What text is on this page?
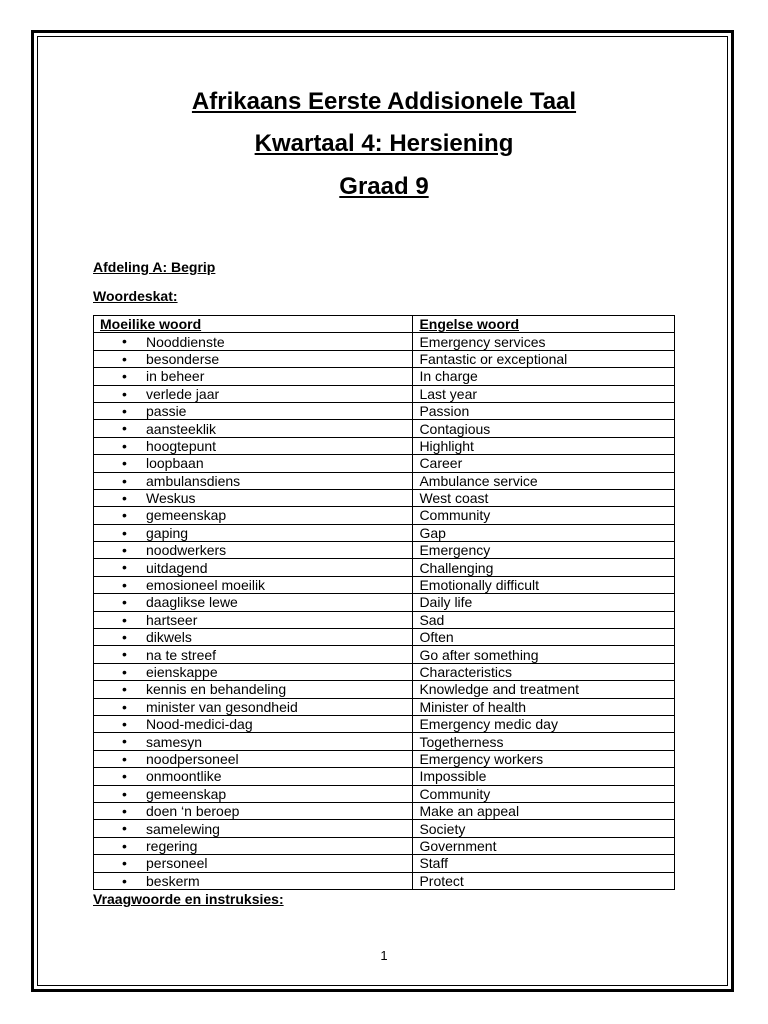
Afrikaans Eerste Addisionele Taal
Kwartaal 4: Hersiening
Graad 9
Afdeling A: Begrip
Woordeskat:
Moeilike woord	Engelse woord

• Nooddienste	Emergency services

• besonderse	Fantastic or exceptional

• in beheer	In charge

• verlede jaar	Last year

• passie	Passion

• aansteeklik	Contagious

• hoogtepunt	Highlight

• loopbaan	Career

• ambulansdiens	Ambulance service

• Weskus	West coast

• gemeenskap	Community

• gaping	Gap

• noodwerkers	Emergency

• uitdagend	Challenging

• emosioneel moeilik	Emotionally difficult

• daaglikse lewe	Daily life

• hartseer	Sad

• dikwels	Often

• na te streef	Go after something

• eienskappe	Characteristics

• kennis en behandeling	Knowledge and treatment

• minister van gesondheid	Minister of health

• Nood-medici-dag	Emergency medic day

• samesyn	Togetherness

• noodpersoneel	Emergency workers

• onmoontlike	Impossible

• gemeenskap	Community

• doen ‘n beroep	Make an appeal

• samelewing	Society

• regering	Government

• personeel	Staff

• beskerm	Protect
Vraagwoorde en instruksies:
1
